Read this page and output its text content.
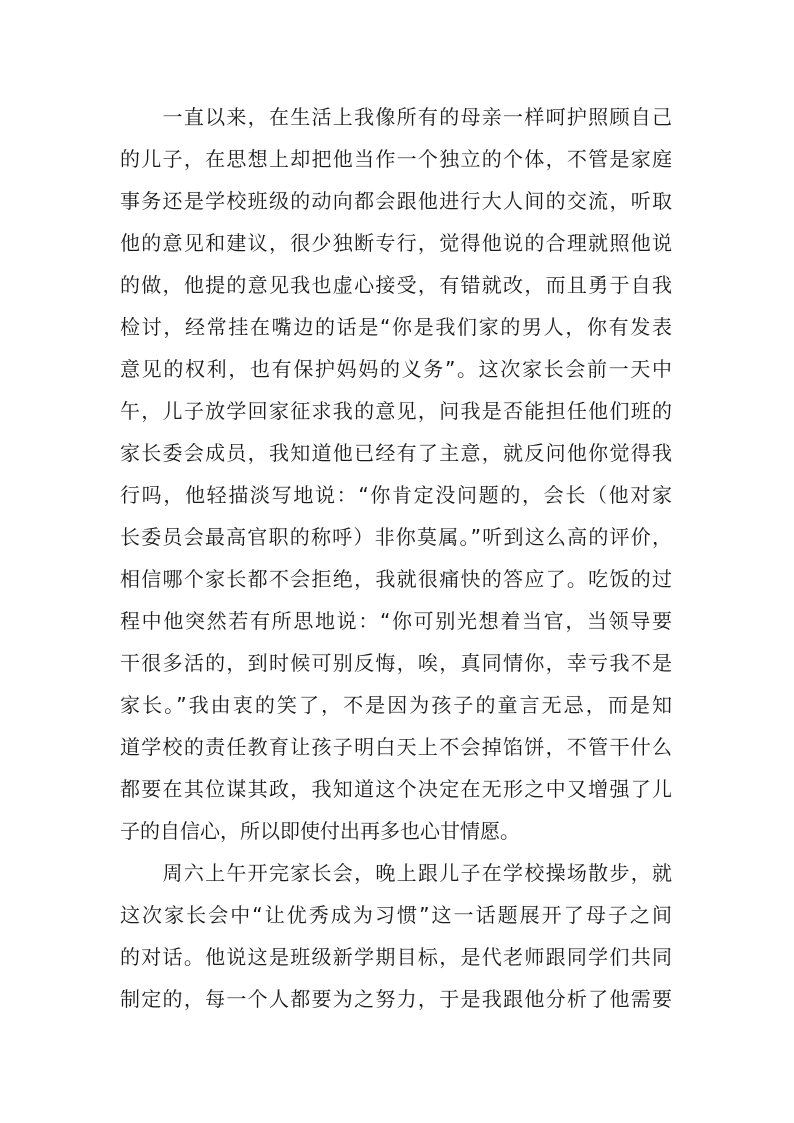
　　一直以来，在生活上我像所有的母亲一样呵护照顾自己
的儿子，在思想上却把他当作一个独立的个体，不管是家庭
事务还是学校班级的动向都会跟他进行大人间的交流，听取
他的意见和建议，很少独断专行，觉得他说的合理就照他说
的做，他提的意见我也虚心接受，有错就改，而且勇于自我
检讨，经常挂在嘴边的话是“你是我们家的男人，你有发表
意见的权利，也有保护妈妈的义务”。这次家长会前一天中
午，儿子放学回家征求我的意见，问我是否能担任他们班的
家长委会成员，我知道他已经有了主意，就反问他你觉得我
行吗，他轻描淡写地说：“你肯定没问题的，会长（他对家
长委员会最高官职的称呼）非你莫属。”听到这么高的评价，
相信哪个家长都不会拒绝，我就很痛快的答应了。吃饭的过
程中他突然若有所思地说：“你可别光想着当官，当领导要
干很多活的，到时候可别反悔，唉，真同情你，幸亏我不是
家长。”我由衷的笑了，不是因为孩子的童言无忌，而是知
道学校的责任教育让孩子明白天上不会掉馅饼，不管干什么
都要在其位谋其政，我知道这个决定在无形之中又增强了儿
子的自信心，所以即使付出再多也心甘情愿。
　　周六上午开完家长会，晚上跟儿子在学校操场散步，就
这次家长会中“让优秀成为习惯”这一话题展开了母子之间
的对话。他说这是班级新学期目标，是代老师跟同学们共同
制定的，每一个人都要为之努力，于是我跟他分析了他需要
